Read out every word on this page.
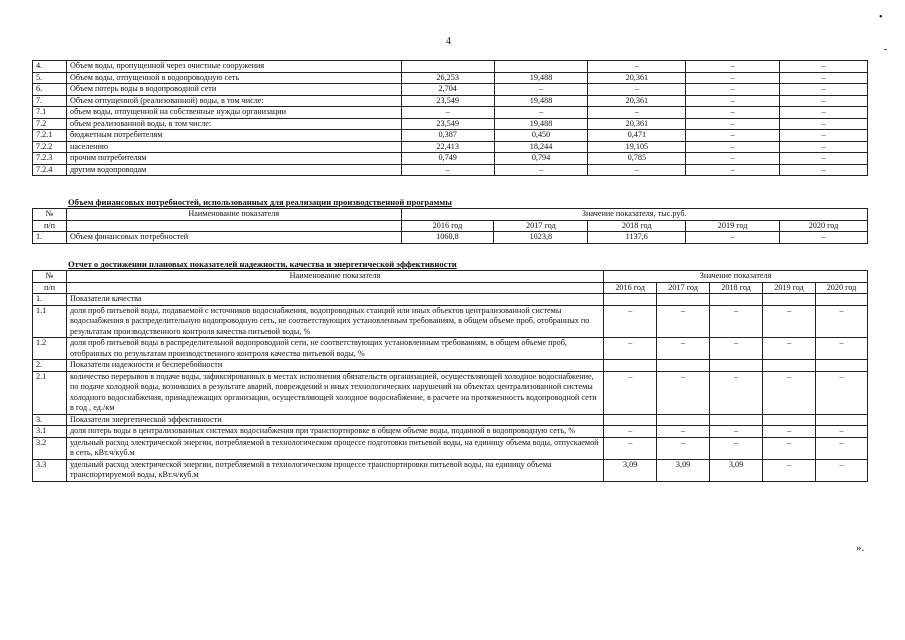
4
•
-
4.	Объем воды, пропущенной через очистные сооружения			–	–	–
5.	Объем воды, отпущенной в водопроводную сеть	26,253	19,488	20,361	–	–
6.	Объем потерь воды в водопроводной сети	2,704	–	–	–	–
7.	Объем отпущенной (реализованной) воды, в том числе:	23,549	19,488	20,361	–	–
7.1	объем воды, отпущенной на собственные нужды организации	–	–	–	–	–
7.2	объем реализованной воды, в том числе:	23,549	19,488	20,361	–	–
7.2.1	бюджетным потребителям	0,387	0,450	0,471	–	–
7.2.2	населению	22,413	18,244	19,105	–	–
7.2.3	прочим потребителям	0,749	0,794	0,785	–	–
7.2.4	другим водопроводам	–	–	–	–	–
Объем финансовых потребностей, использованных для реализации производственной программы
№	Наименование показателя	Значение показателя, тыс.руб.				
п/п		2016 год	2017 год	2018 год	2019 год	2020 год
1.	Объем финансовых потребностей	1060,8	1023,8	1137,6	–	–
Отчет о достижении плановых показателей надежности, качества и энергетической эффективности
№	Наименование показателя	Значение показателя				
п/п		2016 год	2017 год	2018 год	2019 год	2020 год
1.	Показатели качества					
1.1	доля проб питьевой воды, подаваемой с источников водоснабжения, водопроводных станций или иных объектов централизованной системы водоснабжения в распределительную водопроводную сеть, не соответствующих установленным требованиям, в общем объеме проб, отобранных по результатам производственного контроля качества питьевой воды, %	–	–	–	–	–
1.2	доля проб питьевой воды в распределительной водопроводной сети, не соответствующих установленным требованиям, в общем объеме проб, отобранных по результатам производственного контроля качества питьевой воды, %	–	–	–	–	–
2.	Показатели надежности и бесперебойности					
2.1	количество перерывов в подаче воды, зафиксированных в местах исполнения обязательств организацией, осуществляющей холодное водоснабжение, по подаче холодной воды, возникших в результате аварий, повреждений и иных технологических нарушений на объектах централизованной системы холодного водоснабжения, принадлежащих организации, осуществляющей холодное водоснабжение, в расчете на протяженность водопроводной сети в год , ед./км	–	–	–	–	–
3.	Показатели энергетической эффективности					
3.1	доля потерь воды в централизованных системах водоснабжения при транспортировке в общем объеме воды, поданной в водопроводную сеть, %	–	–	–	–	–
3.2	удельный расход электрической энергии, потребляемой в технологическом процессе подготовки питьевой воды, на единицу объема воды, отпускаемой в сеть, кВт.ч/куб.м	–	–	–	–	–
3.3	удельный расход электрической энергии, потребляемой в технологическом процессе транспортировки питьевой воды, на единицу объема транспортируемой воды, кВт.ч/куб.м	3,09	3,09	3,09	–	–
».
